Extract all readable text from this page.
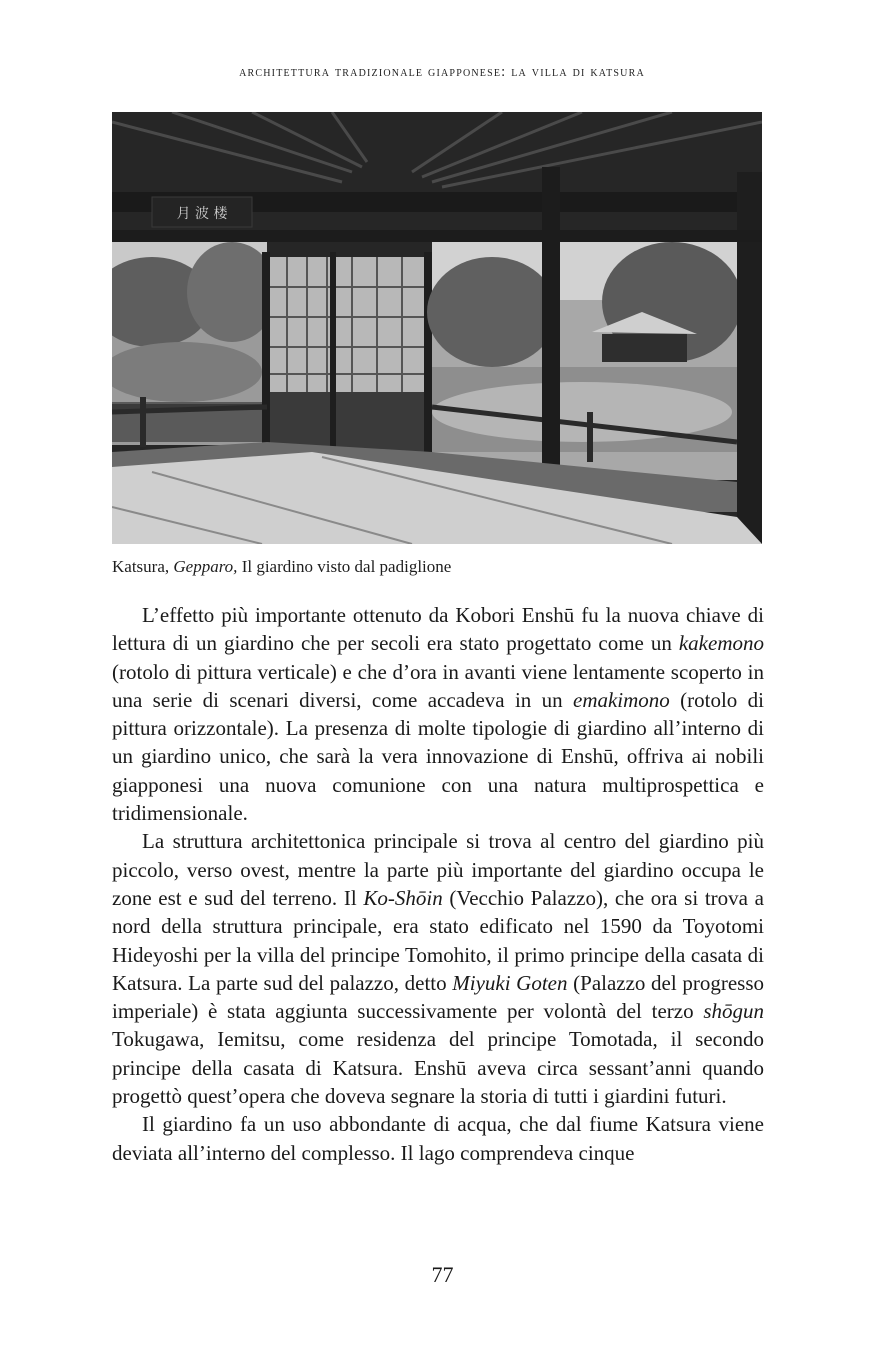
architettura tradizionale giapponese: la villa di katsura
月 波 楼
Katsura, Gepparo, Il giardino visto dal padiglione

L’effetto più importante ottenuto da Kobori Enshū fu la nuova chiave di lettura di un giardino che per secoli era stato progettato come un kakemono (rotolo di pittura verticale) e che d’ora in avanti viene lentamente scoperto in una serie di scenari diversi, come accadeva in un emakimono (rotolo di pittura orizzontale). La presenza di molte tipologie di giardino all’interno di un giardino unico, che sarà la vera innovazione di Enshū, offriva ai nobili giapponesi una nuova comunione con una natura multiprospettica e tridimensionale.

La struttura architettonica principale si trova al centro del giardino più piccolo, verso ovest, mentre la parte più importante del giardino occupa le zone est e sud del terreno. Il Ko-Shōin (Vecchio Palazzo), che ora si trova a nord della struttura principale, era stato edificato nel 1590 da Toyotomi Hideyoshi per la villa del principe Tomohito, il primo principe della casata di Katsura. La parte sud del palazzo, detto Miyuki Goten (Palazzo del progresso imperiale) è stata aggiunta successivamente per volontà del terzo shōgun Tokugawa, Iemitsu, come residenza del principe Tomotada, il secondo principe della casata di Katsura. Enshū aveva circa sessant’anni quando progettò quest’opera che doveva segnare la storia di tutti i giardini futuri.

Il giardino fa un uso abbondante di acqua, che dal fiume Katsura viene deviata all’interno del complesso. Il lago comprendeva cinque

77
